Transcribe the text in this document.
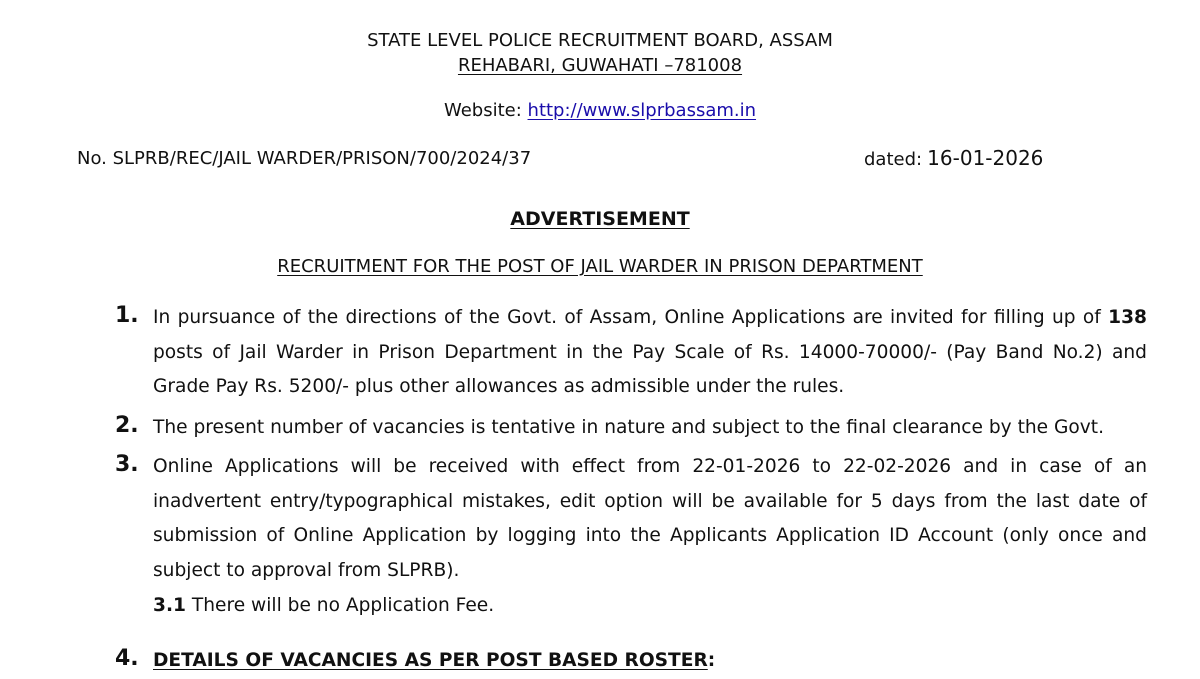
STATE LEVEL POLICE RECRUITMENT BOARD, ASSAM
REHABARI, GUWAHATI –781008
Website: http://www.slprbassam.in
No. SLPRB/REC/JAIL WARDER/PRISON/700/2024/37	dated: 16-01-2026
ADVERTISEMENT
RECRUITMENT FOR THE POST OF JAIL WARDER IN PRISON DEPARTMENT
1. In pursuance of the directions of the Govt. of Assam, Online Applications are invited for filling up of 138 posts of Jail Warder in Prison Department in the Pay Scale of Rs. 14000-70000/- (Pay Band No.2) and Grade Pay Rs. 5200/- plus other allowances as admissible under the rules.
2. The present number of vacancies is tentative in nature and subject to the final clearance by the Govt.
3. Online Applications will be received with effect from 22-01-2026 to 22-02-2026 and in case of an inadvertent entry/typographical mistakes, edit option will be available for 5 days from the last date of submission of Online Application by logging into the Applicants Application ID Account (only once and subject to approval from SLPRB).
3.1 There will be no Application Fee.
4. DETAILS OF VACANCIES AS PER POST BASED ROSTER:
